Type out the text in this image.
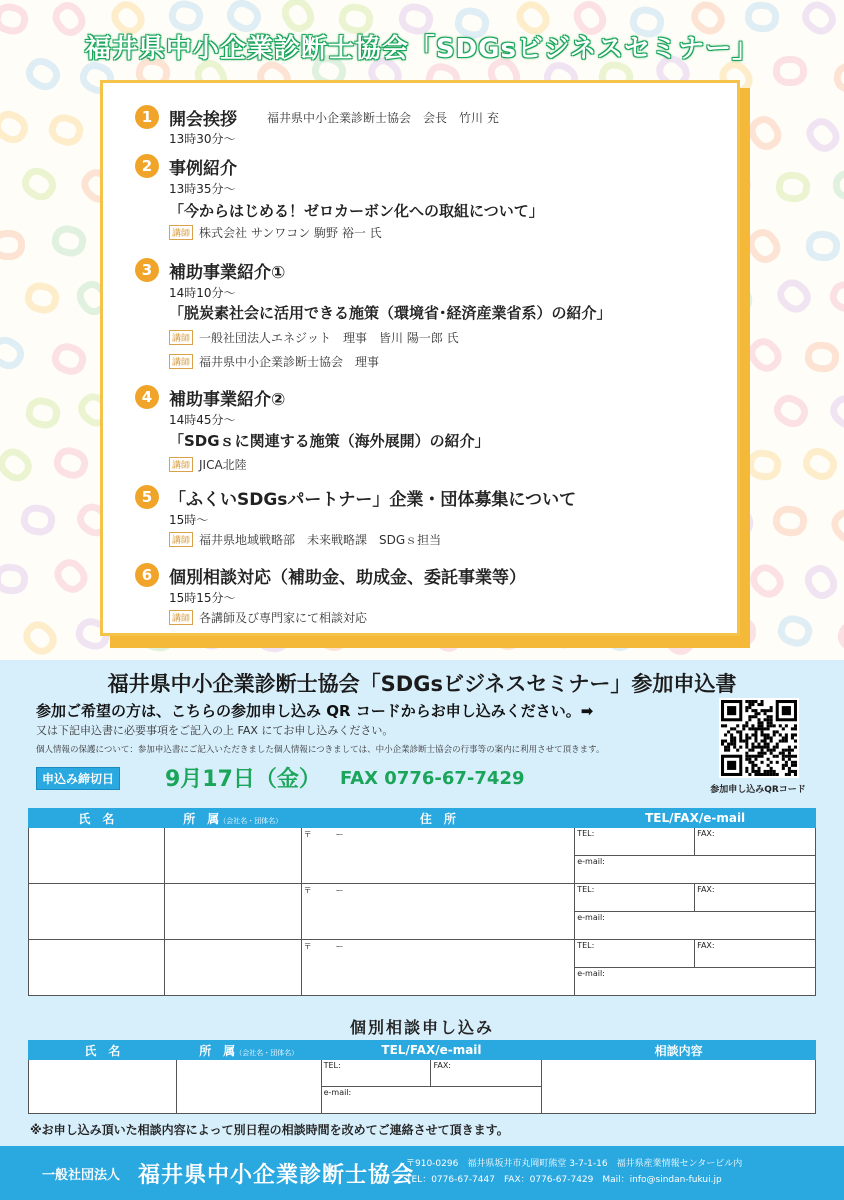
福井県中小企業診断士協会「SDGsビジネスセミナー」
1 開会挨拶	福井県中小企業診断士協会　会長　竹川 充
13時30分～
2 事例紹介
13時35分～
「今からはじめる！ゼロカーボン化への取組について」
講師 株式会社 サンワコン 駒野 裕一 氏
3 補助事業紹介①
14時10分～
「脱炭素社会に活用できる施策（環境省･経済産業省系）の紹介」
講師 一般社団法人エネジット　理事　皆川 陽一郎 氏
講師 福井県中小企業診断士協会　理事
4 補助事業紹介②
14時45分～
「SDGｓに関連する施策（海外展開）の紹介」
講師 JICA北陸
5 「ふくいSDGsパートナー」企業・団体募集について
15時～
講師 福井県地域戦略部　未来戦略課　SDGｓ担当
6 個別相談対応（補助金、助成金、委託事業等）
15時15分～
講師 各講師及び専門家にて相談対応
福井県中小企業診断士協会「SDGsビジネスセミナー」参加申込書
参加ご希望の方は、こちらの参加申し込み QR コードからお申し込みください。➡
又は下記申込書に必要事項をご記入の上 FAX にてお申し込みください。
個人情報の保護について：参加申込書にご記入いただきました個人情報につきましては、中小企業診断士協会の行事等の案内に利用させて頂きます。
参加申し込みQRコード
申込み締切日 9月17日（金） FAX 0776-67-7429
氏　名	所　属（会社名・団体名）	住　所	TEL/FAX/e-mail	

		〒　　　ー	TEL:	FAX:

			e-mail:	

		〒　　　ー	TEL:	FAX:

			e-mail:	

		〒　　　ー	TEL:	FAX:

			e-mail:	
個別相談申し込み
氏　名	所　属（会社名・団体名）	TEL/FAX/e-mail		相談内容

		TEL:	FAX:	

		e-mail:		
※お申し込み頂いた相談内容によって別日程の相談時間を改めてご連絡させて頂きます。
一般社団法人 福井県中小企業診断士協会
〒910-0296　福井県坂井市丸岡町熊堂 3-7-1-16　福井県産業情報センタービル内
TEL：0776-67-7447　FAX：0776-67-7429　Mail：info@sindan-fukui.jp
